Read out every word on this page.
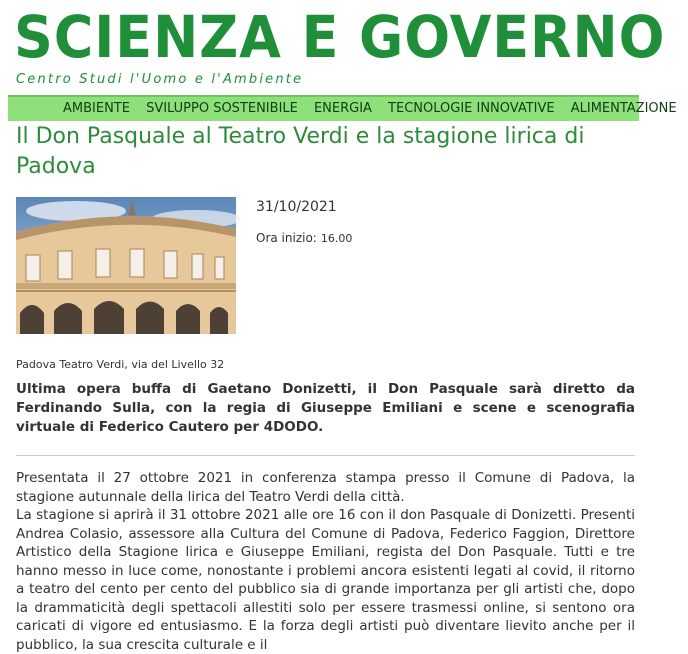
SCIENZA E GOVERNO
Centro Studi l'Uomo e l'Ambiente
AMBIENTE SVILUPPO SOSTENIBILE ENERGIA TECNOLOGIE INNOVATIVE ALIMENTAZIONE
Il Don Pasquale al Teatro Verdi e la stagione lirica di Padova
31/10/2021
Ora inizio: 16.00
Padova Teatro Verdi, via del Livello 32

Ultima opera buffa di Gaetano Donizetti, il Don Pasquale sarà diretto da Ferdinando Sulla, con la regia di Giuseppe Emiliani e scene e scenografia virtuale di Federico Cautero per 4DODO.

Presentata il 27 ottobre 2021 in conferenza stampa presso il Comune di Padova, la stagione autunnale della lirica del Teatro Verdi della città.

La stagione si aprirà il 31 ottobre 2021 alle ore 16 con il don Pasquale di Donizetti. Presenti Andrea Colasio, assessore alla Cultura del Comune di Padova, Federico Faggion, Direttore Artistico della Stagione lirica e Giuseppe Emiliani, regista del Don Pasquale. Tutti e tre hanno messo in luce come, nonostante i problemi ancora esistenti legati al covid, il ritorno a teatro del cento per cento del pubblico sia di grande importanza per gli artisti che, dopo la drammaticità degli spettacoli allestiti solo per essere trasmessi online, si sentono ora caricati di vigore ed entusiasmo. E la forza degli artisti può diventare lievito anche per il pubblico, la sua crescita culturale e il
